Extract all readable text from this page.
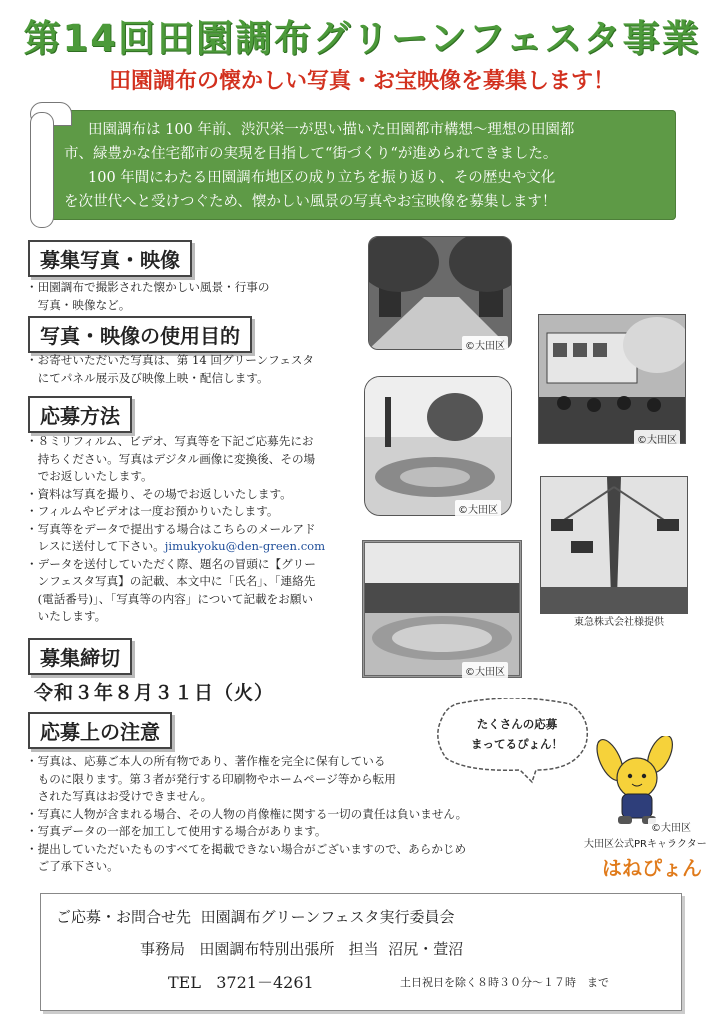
第14回田園調布グリーンフェスタ事業
田園調布の懐かしい写真・お宝映像を募集します！

田園調布は 100 年前、渋沢栄一が思い描いた田園都市構想～理想の田園都

市、緑豊かな住宅都市の実現を目指して“街づくり“が進められてきました。

100 年間にわたる田園調布地区の成り立ちを振り返り、その歴史や文化

を次世代へと受けつぐため、懐かしい風景の写真やお宝映像を募集します！

募集写真・映像

・田園調布で撮影された懐かしい風景・行事の

　写真・映像など。

写真・映像の使用目的

・お寄せいただいた写真は、第 14 回グリーンフェスタ

　にてパネル展示及び映像上映・配信します。

応募方法

・８ミリフィルム、ビデオ、写真等を下記ご応募先にお

　持ちください。写真はデジタル画像に変換後、その場

　でお返しいたします。

・資料は写真を撮り、その場でお返しいたします。

・フィルムやビデオは一度お預かりいたします。

・写真等をデータで提出する場合はこちらのメールアド

　レスに送付して下さい。jimukyoku@den-green.com

・データを送付していただく際、題名の冒頭に【グリー

　ンフェスタ写真】の記載、本文中に「氏名」、「連絡先

　(電話番号)」、「写真等の内容」について記載をお願い

　いたします。

募集締切
令和３年８月３１日（火）
応募上の注意

・写真は、応募ご本人の所有物であり、著作権を完全に保有している

　ものに限ります。第３者が発行する印刷物やホームページ等から転用

　された写真はお受けできません。

・写真に人物が含まれる場合、その人物の肖像権に関する一切の責任は負いません。

・写真データの一部を加工して使用する場合があります。

・提出していただいたものすべてを掲載できない場合がございますので、あらかじめ

　ご了承下さい。

©大田区
©大田区
©大田区
東急株式会社様提供
©大田区
たくさんの応募
まってるぴょん！
©大田区
大田区公式PRキャラクター
はねぴょん
ご応募・お問合せ先 田園調布グリーンフェスタ実行委員会
事務局 田園調布特別出張所 担当 沼尻・萱沼
TEL 3721－4261	土日祝日を除く８時３０分～１７時　まで
